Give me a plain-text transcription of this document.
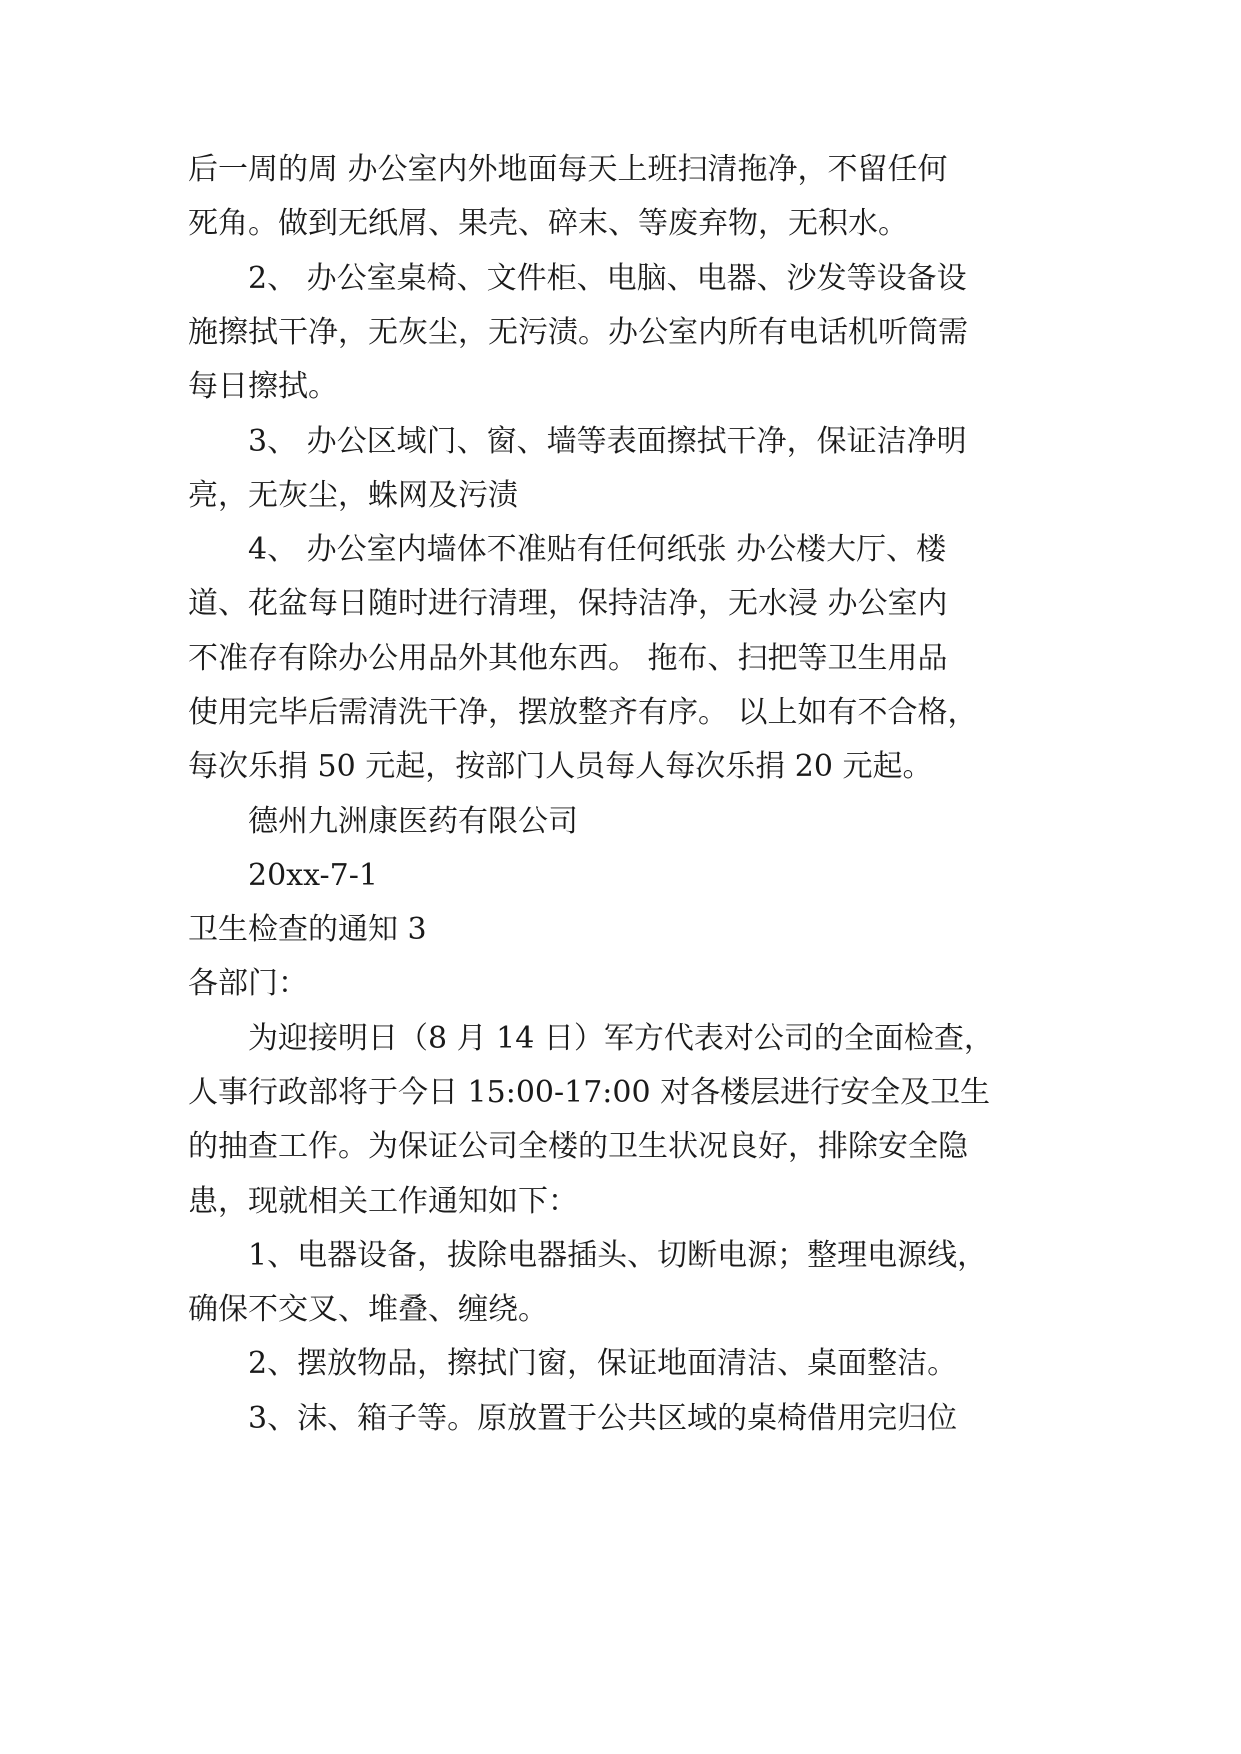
后一周的周 办公室内外地面每天上班扫清拖净，不留任何
死角。做到无纸屑、果壳、碎末、等废弃物，无积水。
2、 办公室桌椅、文件柜、电脑、电器、沙发等设备设
施擦拭干净，无灰尘，无污渍。办公室内所有电话机听筒需
每日擦拭。
3、 办公区域门、窗、墙等表面擦拭干净，保证洁净明
亮，无灰尘，蛛网及污渍
4、 办公室内墙体不准贴有任何纸张 办公楼大厅、楼
道、花盆每日随时进行清理，保持洁净，无水浸 办公室内
不准存有除办公用品外其他东西。 拖布、扫把等卫生用品
使用完毕后需清洗干净，摆放整齐有序。 以上如有不合格，
每次乐捐 50 元起，按部门人员每人每次乐捐 20 元起。
德州九洲康医药有限公司
20xx-7-1
卫生检查的通知 3
各部门：
为迎接明日（8 月 14 日）军方代表对公司的全面检查，
人事行政部将于今日 15:00-17:00 对各楼层进行安全及卫生
的抽查工作。为保证公司全楼的卫生状况良好，排除安全隐
患，现就相关工作通知如下：
1、电器设备，拔除电器插头、切断电源；整理电源线，
确保不交叉、堆叠、缠绕。
2、摆放物品，擦拭门窗，保证地面清洁、桌面整洁。
3、沫、箱子等。原放置于公共区域的桌椅借用完归位
